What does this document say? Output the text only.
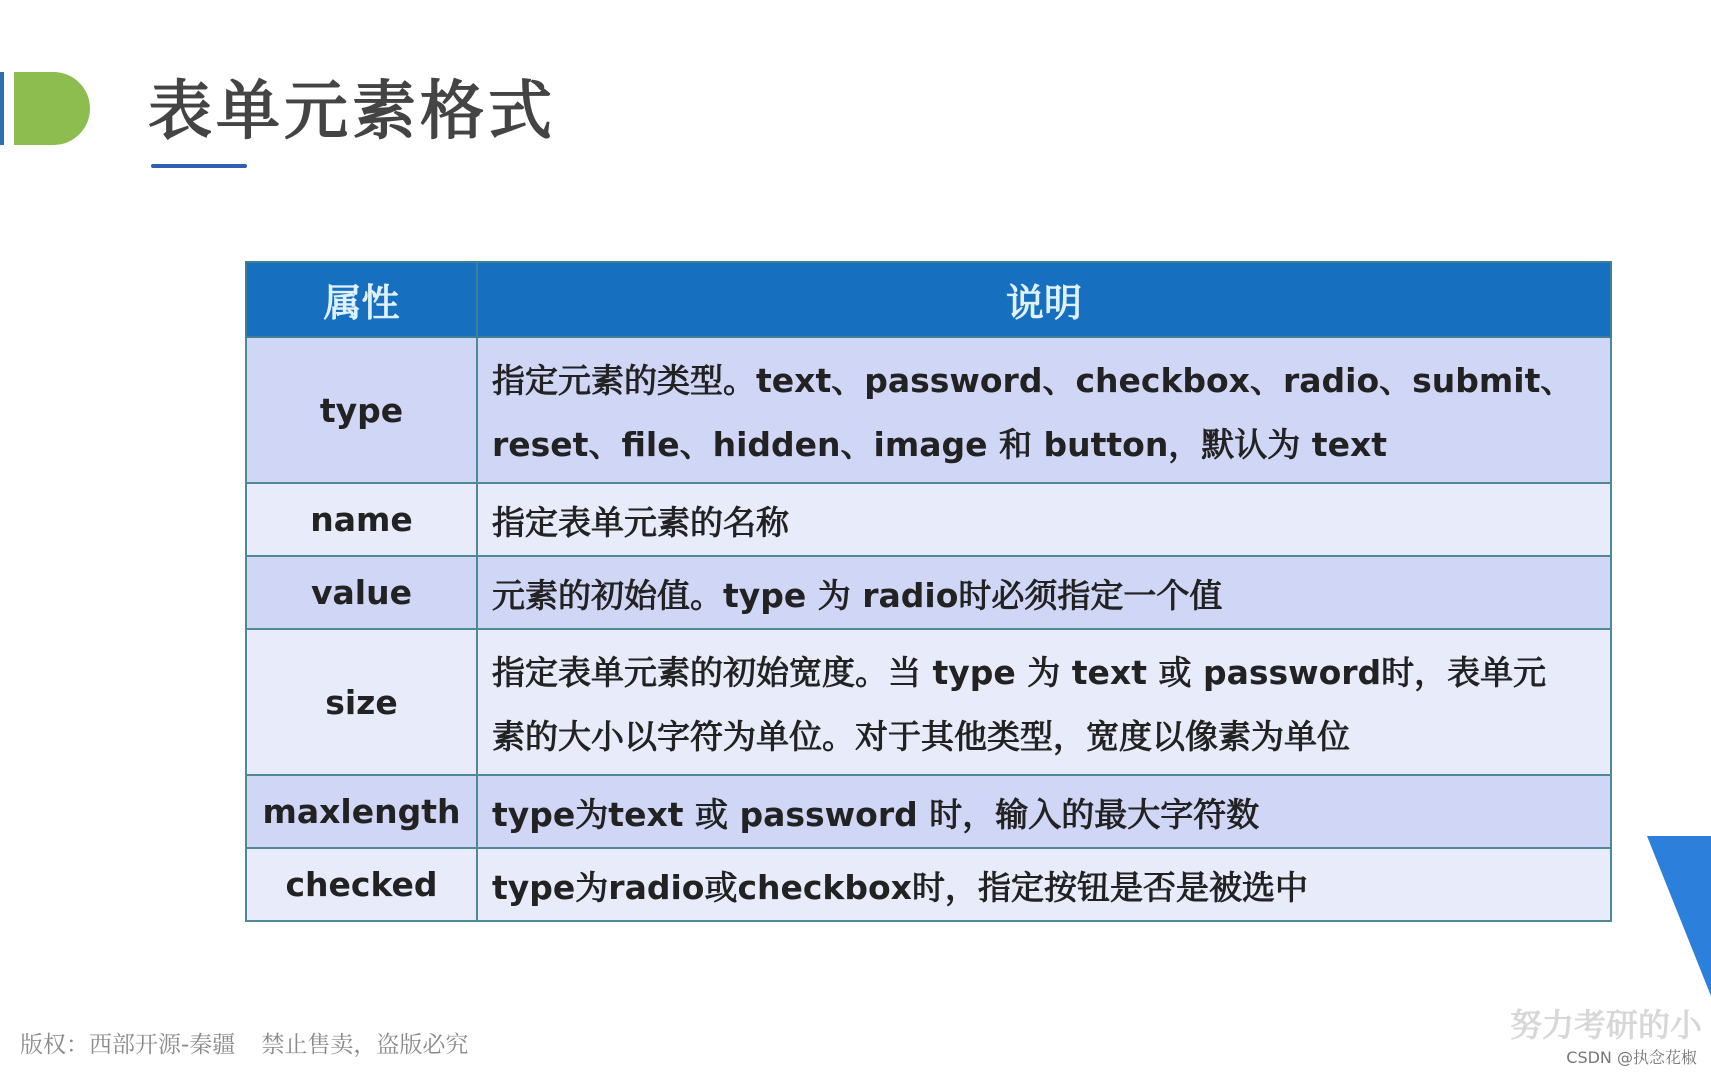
表单元素格式
属性	说明
type	指定元素的类型。text、password、checkbox、radio、submit、
reset、file、hidden、image 和 button，默认为 text

name	指定表单元素的名称

value	元素的初始值。type 为 radio时必须指定一个值

size	指定表单元素的初始宽度。当 type 为 text 或 password时，表单元
素的大小以字符为单位。对于其他类型，宽度以像素为单位

maxlength	type为text 或 password 时，输入的最大字符数

checked	type为radio或checkbox时，指定按钮是否是被选中
努力考研的小
CSDN @执念花椒
版权：西部开源-秦疆 禁止售卖，盗版必究
